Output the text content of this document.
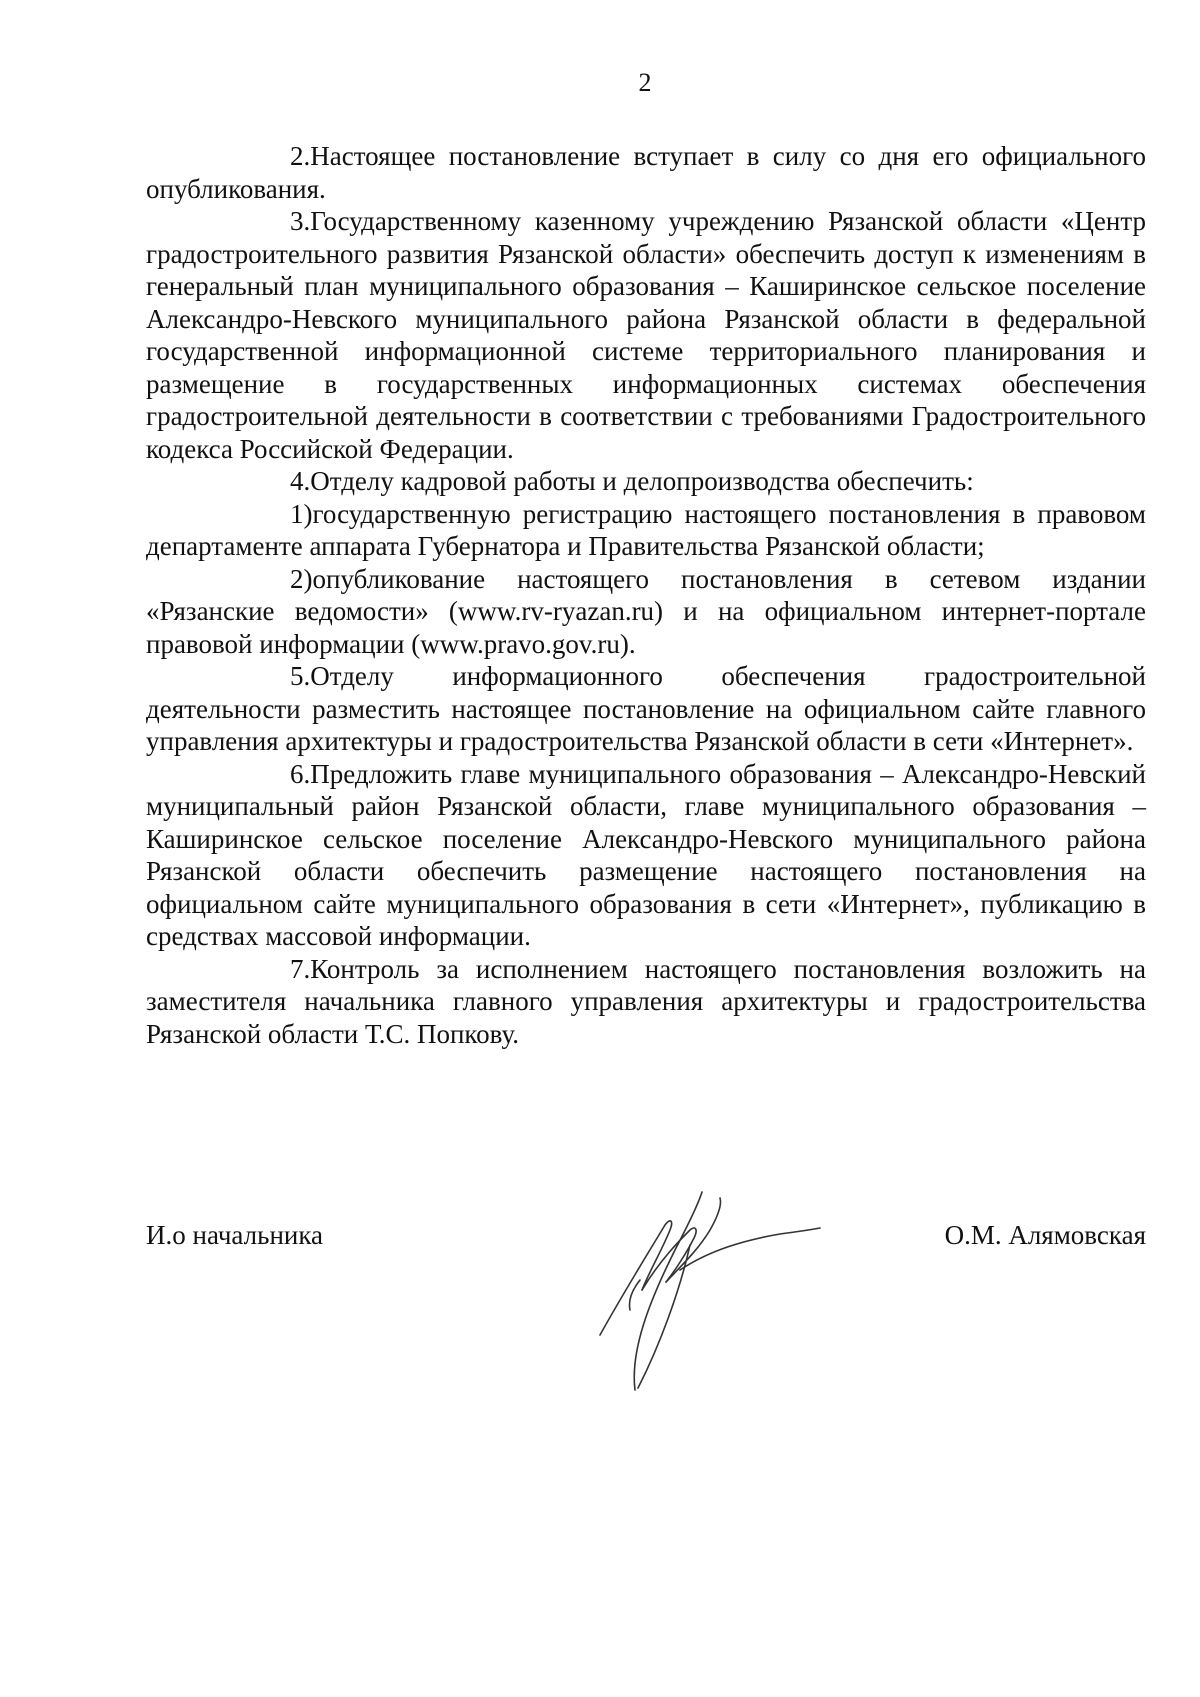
2

2.Настоящее постановление вступает в силу со дня его официального опубликования.

3.Государственному казенному учреждению Рязанской области «Центр градостроительного развития Рязанской области» обеспечить доступ к изменениям в генеральный план муниципального образования – Каширинское сельское поселение Александро-Невского муниципального района Рязанской области в федеральной государственной информационной системе территориального планирования и размещение в государственных информационных системах обеспечения градостроительной деятельности в соответствии с требованиями Градостроительного кодекса Российской Федерации.

4.Отделу кадровой работы и делопроизводства обеспечить:

1)государственную регистрацию настоящего постановления в правовом департаменте аппарата Губернатора и Правительства Рязанской области;

2)опубликование настоящего постановления в сетевом издании «Рязанские ведомости» (www.rv-ryazan.ru) и на официальном интернет-портале правовой информации (www.pravo.gov.ru).

5.Отделу информационного обеспечения градостроительной деятельности разместить настоящее постановление на официальном сайте главного управления архитектуры и градостроительства Рязанской области в сети «Интернет».

6.Предложить главе муниципального образования – Александро-Невский муниципальный район Рязанской области, главе муниципального образования – Каширинское сельское поселение Александро-Невского муниципального района Рязанской области обеспечить размещение настоящего постановления на официальном сайте муниципального образования в сети «Интернет», публикацию в средствах массовой информации.

7.Контроль за исполнением настоящего постановления возложить на заместителя начальника главного управления архитектуры и градостроительства Рязанской области Т.С. Попкову.

И.о начальника	О.М. Алямовская
